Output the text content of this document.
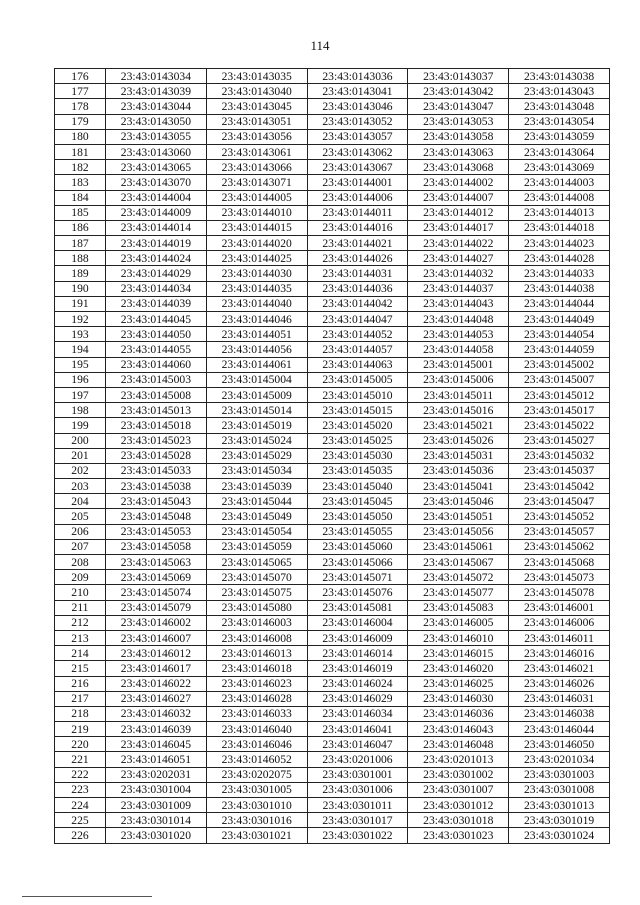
114
176	23:43:0143034	23:43:0143035	23:43:0143036	23:43:0143037	23:43:0143038
177	23:43:0143039	23:43:0143040	23:43:0143041	23:43:0143042	23:43:0143043
178	23:43:0143044	23:43:0143045	23:43:0143046	23:43:0143047	23:43:0143048
179	23:43:0143050	23:43:0143051	23:43:0143052	23:43:0143053	23:43:0143054
180	23:43:0143055	23:43:0143056	23:43:0143057	23:43:0143058	23:43:0143059
181	23:43:0143060	23:43:0143061	23:43:0143062	23:43:0143063	23:43:0143064
182	23:43:0143065	23:43:0143066	23:43:0143067	23:43:0143068	23:43:0143069
183	23:43:0143070	23:43:0143071	23:43:0144001	23:43:0144002	23:43:0144003
184	23:43:0144004	23:43:0144005	23:43:0144006	23:43:0144007	23:43:0144008
185	23:43:0144009	23:43:0144010	23:43:0144011	23:43:0144012	23:43:0144013
186	23:43:0144014	23:43:0144015	23:43:0144016	23:43:0144017	23:43:0144018
187	23:43:0144019	23:43:0144020	23:43:0144021	23:43:0144022	23:43:0144023
188	23:43:0144024	23:43:0144025	23:43:0144026	23:43:0144027	23:43:0144028
189	23:43:0144029	23:43:0144030	23:43:0144031	23:43:0144032	23:43:0144033
190	23:43:0144034	23:43:0144035	23:43:0144036	23:43:0144037	23:43:0144038
191	23:43:0144039	23:43:0144040	23:43:0144042	23:43:0144043	23:43:0144044
192	23:43:0144045	23:43:0144046	23:43:0144047	23:43:0144048	23:43:0144049
193	23:43:0144050	23:43:0144051	23:43:0144052	23:43:0144053	23:43:0144054
194	23:43:0144055	23:43:0144056	23:43:0144057	23:43:0144058	23:43:0144059
195	23:43:0144060	23:43:0144061	23:43:0144063	23:43:0145001	23:43:0145002
196	23:43:0145003	23:43:0145004	23:43:0145005	23:43:0145006	23:43:0145007
197	23:43:0145008	23:43:0145009	23:43:0145010	23:43:0145011	23:43:0145012
198	23:43:0145013	23:43:0145014	23:43:0145015	23:43:0145016	23:43:0145017
199	23:43:0145018	23:43:0145019	23:43:0145020	23:43:0145021	23:43:0145022
200	23:43:0145023	23:43:0145024	23:43:0145025	23:43:0145026	23:43:0145027
201	23:43:0145028	23:43:0145029	23:43:0145030	23:43:0145031	23:43:0145032
202	23:43:0145033	23:43:0145034	23:43:0145035	23:43:0145036	23:43:0145037
203	23:43:0145038	23:43:0145039	23:43:0145040	23:43:0145041	23:43:0145042
204	23:43:0145043	23:43:0145044	23:43:0145045	23:43:0145046	23:43:0145047
205	23:43:0145048	23:43:0145049	23:43:0145050	23:43:0145051	23:43:0145052
206	23:43:0145053	23:43:0145054	23:43:0145055	23:43:0145056	23:43:0145057
207	23:43:0145058	23:43:0145059	23:43:0145060	23:43:0145061	23:43:0145062
208	23:43:0145063	23:43:0145065	23:43:0145066	23:43:0145067	23:43:0145068
209	23:43:0145069	23:43:0145070	23:43:0145071	23:43:0145072	23:43:0145073
210	23:43:0145074	23:43:0145075	23:43:0145076	23:43:0145077	23:43:0145078
211	23:43:0145079	23:43:0145080	23:43:0145081	23:43:0145083	23:43:0146001
212	23:43:0146002	23:43:0146003	23:43:0146004	23:43:0146005	23:43:0146006
213	23:43:0146007	23:43:0146008	23:43:0146009	23:43:0146010	23:43:0146011
214	23:43:0146012	23:43:0146013	23:43:0146014	23:43:0146015	23:43:0146016
215	23:43:0146017	23:43:0146018	23:43:0146019	23:43:0146020	23:43:0146021
216	23:43:0146022	23:43:0146023	23:43:0146024	23:43:0146025	23:43:0146026
217	23:43:0146027	23:43:0146028	23:43:0146029	23:43:0146030	23:43:0146031
218	23:43:0146032	23:43:0146033	23:43:0146034	23:43:0146036	23:43:0146038
219	23:43:0146039	23:43:0146040	23:43:0146041	23:43:0146043	23:43:0146044
220	23:43:0146045	23:43:0146046	23:43:0146047	23:43:0146048	23:43:0146050
221	23:43:0146051	23:43:0146052	23:43:0201006	23:43:0201013	23:43:0201034
222	23:43:0202031	23:43:0202075	23:43:0301001	23:43:0301002	23:43:0301003
223	23:43:0301004	23:43:0301005	23:43:0301006	23:43:0301007	23:43:0301008
224	23:43:0301009	23:43:0301010	23:43:0301011	23:43:0301012	23:43:0301013
225	23:43:0301014	23:43:0301016	23:43:0301017	23:43:0301018	23:43:0301019
226	23:43:0301020	23:43:0301021	23:43:0301022	23:43:0301023	23:43:0301024
